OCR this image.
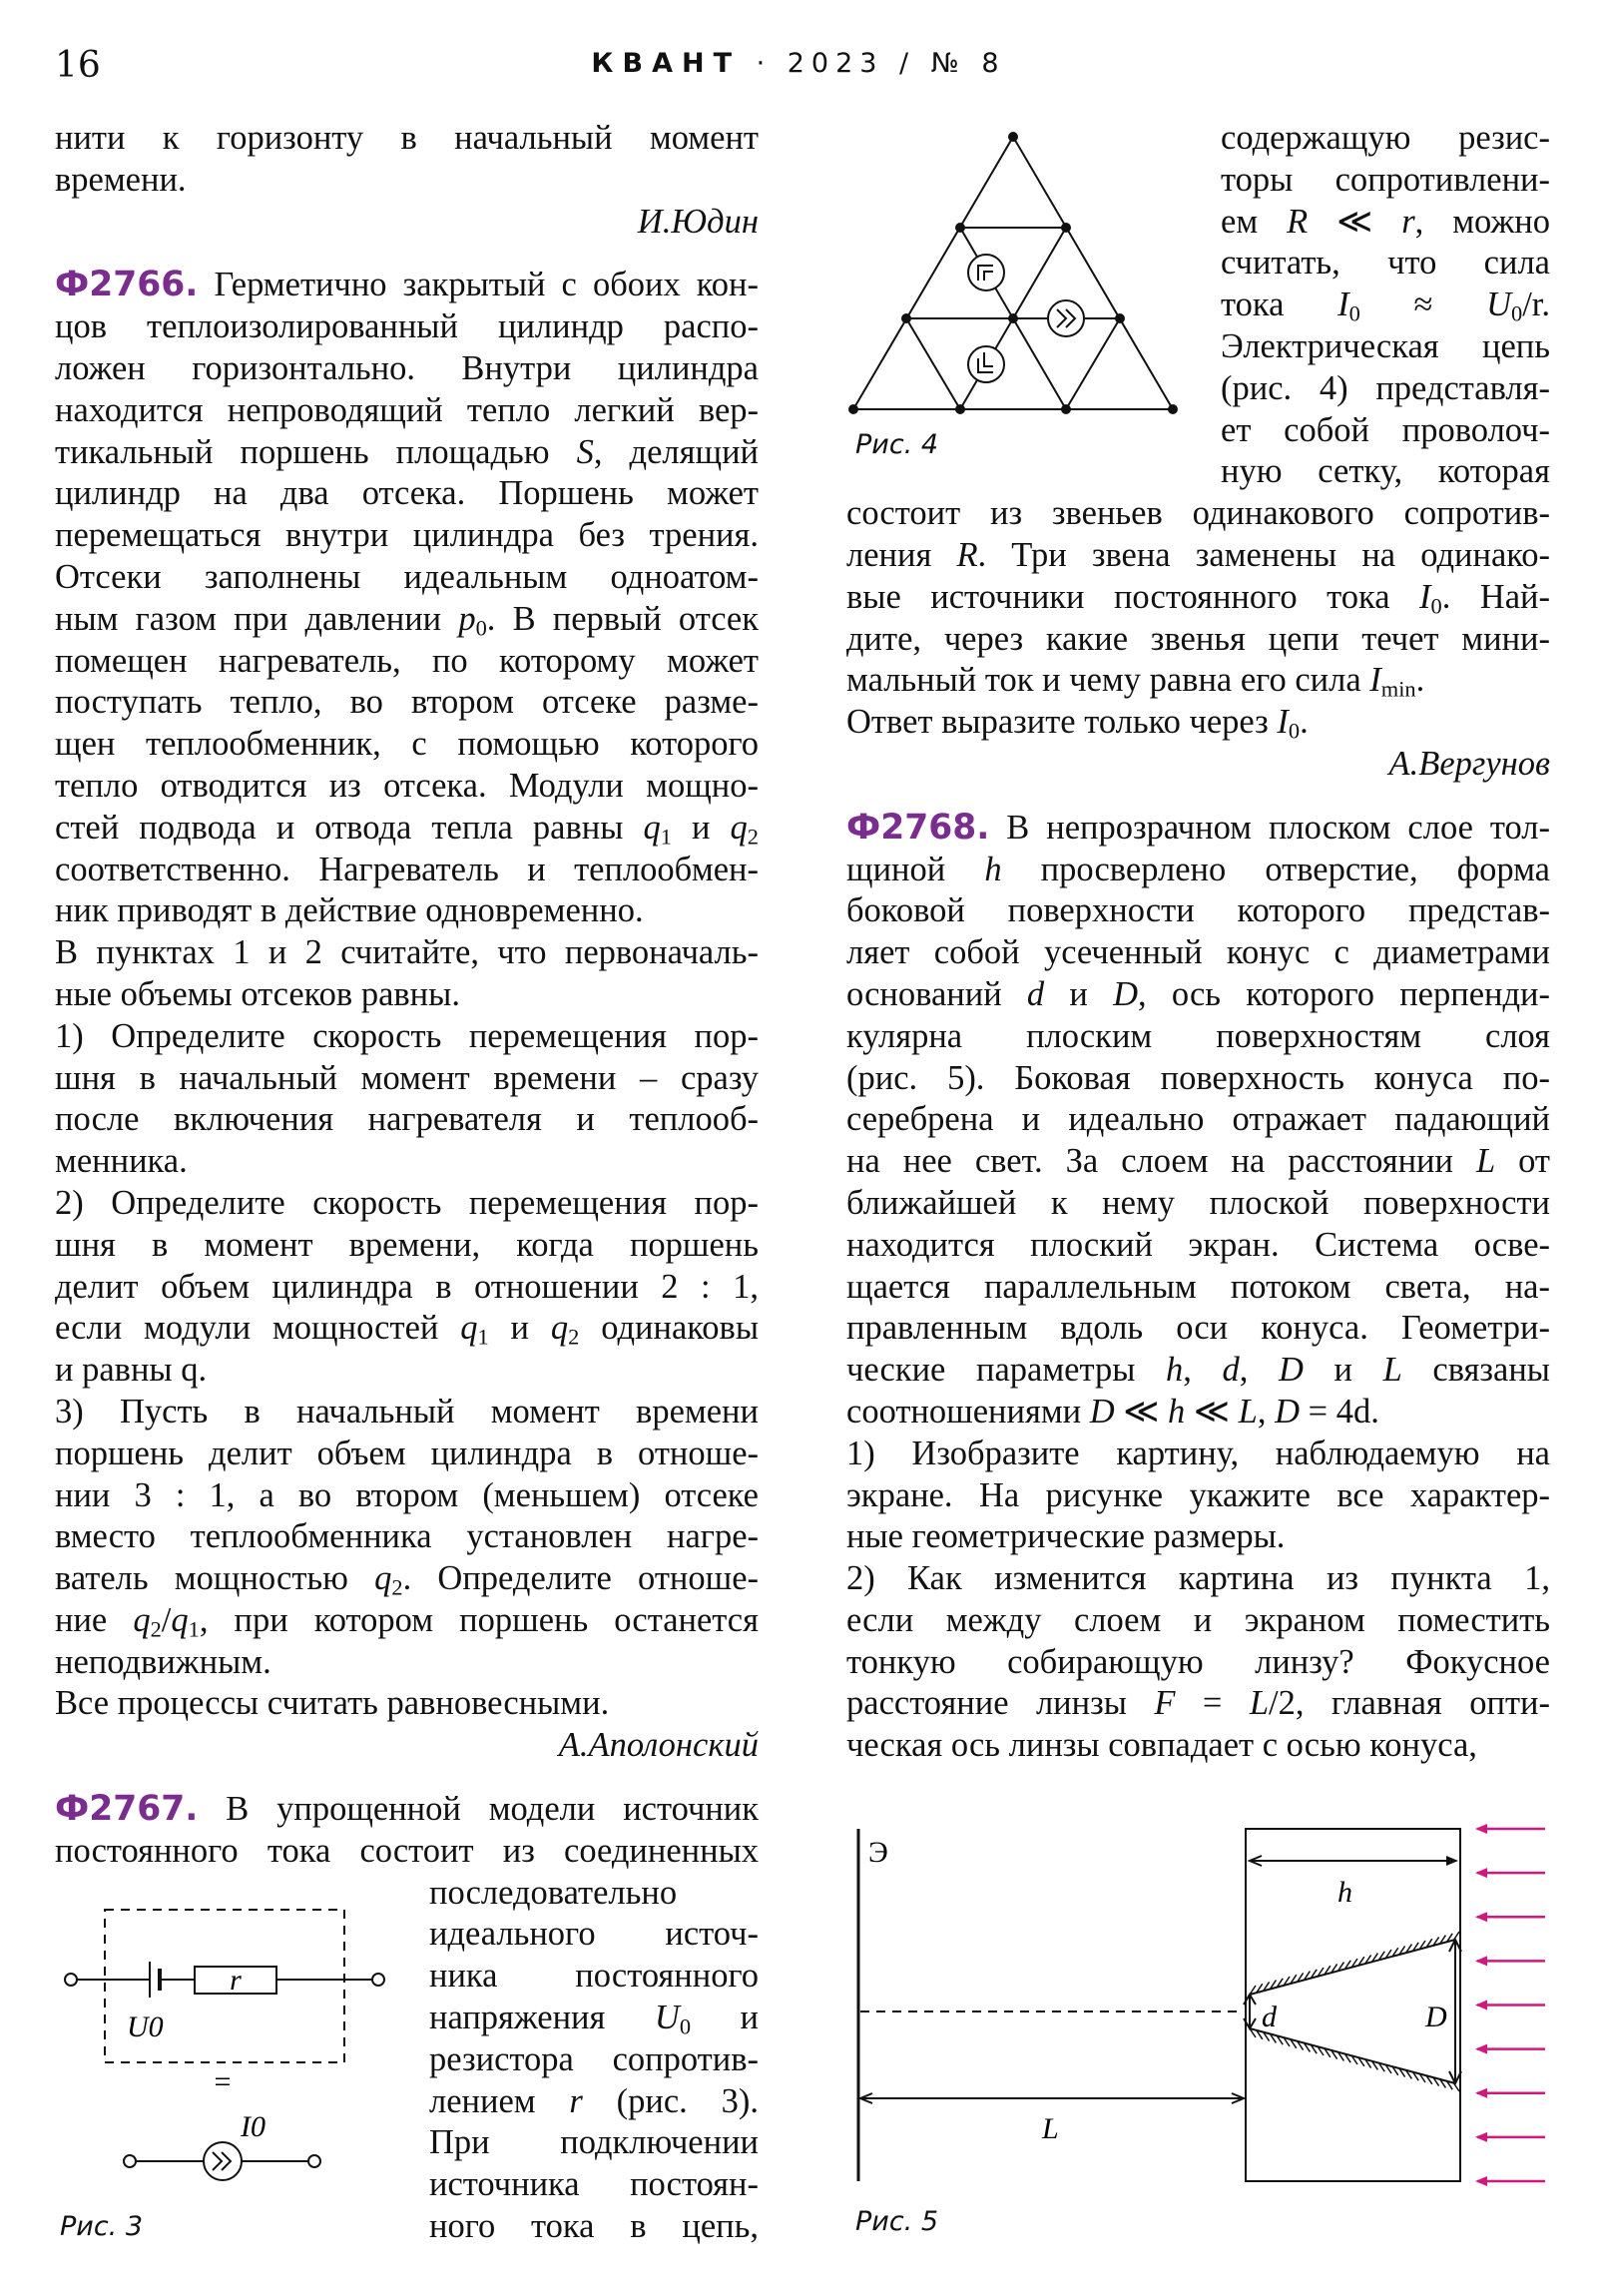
16	КВАНТ · 2023 / № 8
нити к горизонту в начальный момент
времени.
И.Юдин
Ф2766. Герметично закрытый с обоих кон-
цов теплоизолированный цилиндр распо-
ложен горизонтально. Внутри цилиндра
находится непроводящий тепло легкий вер-
тикальный поршень площадью S, делящий
цилиндр на два отсека. Поршень может
перемещаться внутри цилиндра без трения.
Отсеки заполнены идеальным одноатом-
ным газом при давлении $p_0$. В первый отсек
помещен нагреватель, по которому может
поступать тепло, во втором отсеке разме-
щен теплообменник, с помощью которого
тепло отводится из отсека. Модули мощно-
стей подвода и отвода тепла равны $q_1$ и $q_2$
соответственно. Нагреватель и теплообмен-
ник приводят в действие одновременно.
В пунктах 1 и 2 считайте, что первоначаль-
ные объемы отсеков равны.
1) Определите скорость перемещения пор-
шня в начальный момент времени – сразу
после включения нагревателя и теплооб-
менника.
2) Определите скорость перемещения пор-
шня в момент времени, когда поршень
делит объем цилиндра в отношении 2 : 1,
если модули мощностей $q_1$ и $q_2$ одинаковы
и равны q.
3) Пусть в начальный момент времени
поршень делит объем цилиндра в отноше-
нии 3 : 1, а во втором (меньшем) отсеке
вместо теплообменника установлен нагре-
ватель мощностью $q_2$. Определите отноше-
ние $q_2/q_1$, при котором поршень останется
неподвижным.
Все процессы считать равновесными.
А.Аполонский
Ф2767. В упрощенной модели источник
постоянного тока состоит из соединенных
последовательно
идеального источ-
ника постоянного
напряжения $U_0$ и
резистора сопротив-
лением r (рис. 3).
При подключении
источника постоян-
ного тока в цепь,
r
U0
=
I0
Рис. 3
Рис. 4
содержащую резис-
торы сопротивлени-
ем R ≪ r, можно
считать, что сила
тока $I_0 \approx U_0/r$.
Электрическая цепь
(рис. 4) представля-
ет собой проволоч-
ную сетку, которая
состоит из звеньев одинакового сопротив-
ления R. Три звена заменены на одинако-
вые источники постоянного тока $I_0$. Най-
дите, через какие звенья цепи течет мини-
мальный ток и чему равна его сила $I_{min}$.
Ответ выразите только через $I_0$.
А.Вергунов
Ф2768. В непрозрачном плоском слое тол-
щиной h просверлено отверстие, форма
боковой поверхности которого представ-
ляет собой усеченный конус с диаметрами
оснований d и D, ось которого перпенди-
кулярна плоским поверхностям слоя
(рис. 5). Боковая поверхность конуса по-
серебрена и идеально отражает падающий
на нее свет. За слоем на расстоянии L от
ближайшей к нему плоской поверхности
находится плоский экран. Система осве-
щается параллельным потоком света, на-
правленным вдоль оси конуса. Геометри-
ческие параметры h, d, D и L связаны
соотношениями D ≪ h ≪ L, D = 4d.
1) Изобразите картину, наблюдаемую на
экране. На рисунке укажите все характер-
ные геометрические размеры.
2) Как изменится картина из пункта 1,
если между слоем и экраном поместить
тонкую собирающую линзу? Фокусное
расстояние линзы F = L/2, главная опти-
ческая ось линзы совпадает с осью конуса,
Э
h
d	D
L
Рис. 5
